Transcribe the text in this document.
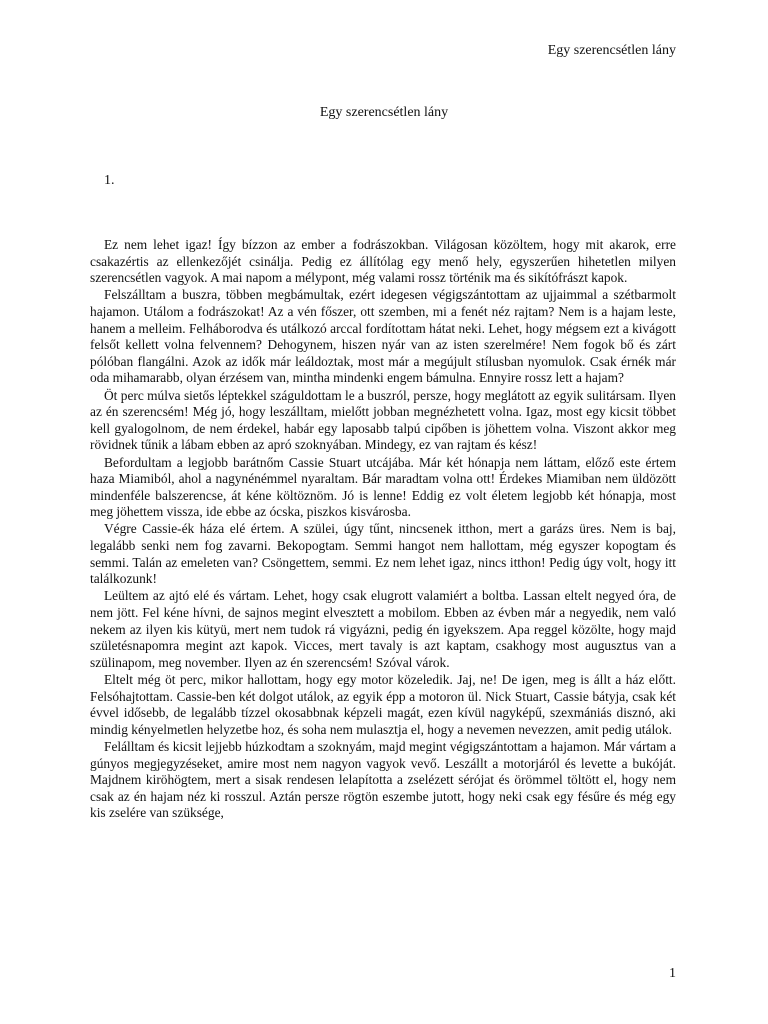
Egy szerencsétlen lány
Egy szerencsétlen lány
1.

Ez nem lehet igaz! Így bízzon az ember a fodrászokban. Világosan közöltem, hogy mit akarok, erre csakazértis az ellenkezőjét csinálja. Pedig ez állítólag egy menő hely, egyszerűen hihetetlen milyen szerencsétlen vagyok. A mai napom a mélypont, még valami rossz történik ma és sikítófrászt kapok.

Felszálltam a buszra, többen megbámultak, ezért idegesen végigszántottam az ujjaimmal a szétbarmolt hajamon. Utálom a fodrászokat! Az a vén főszer, ott szemben, mi a fenét néz rajtam? Nem is a hajam leste, hanem a melleim. Felháborodva és utálkozó arccal fordítottam hátat neki. Lehet, hogy mégsem ezt a kivágott felsőt kellett volna felvennem? Dehogynem, hiszen nyár van az isten szerelmére! Nem fogok bő és zárt pólóban flangálni. Azok az idők már leáldoztak, most már a megújult stílusban nyomulok. Csak érnék már oda mihamarabb, olyan érzésem van, mintha mindenki engem bámulna. Ennyire rossz lett a hajam?

Öt perc múlva sietős léptekkel száguldottam le a buszról, persze, hogy meglátott az egyik sulitársam. Ilyen az én szerencsém! Még jó, hogy leszálltam, mielőtt jobban megnézhetett volna. Igaz, most egy kicsit többet kell gyalogolnom, de nem érdekel, habár egy laposabb talpú cipőben is jöhettem volna. Viszont akkor meg rövidnek tűnik a lábam ebben az apró szoknyában. Mindegy, ez van rajtam és kész!

Befordultam a legjobb barátnőm Cassie Stuart utcájába. Már két hónapja nem láttam, előző este értem haza Miamiból, ahol a nagynénémmel nyaraltam. Bár maradtam volna ott! Érdekes Miamiban nem üldözött mindenféle balszerencse, át kéne költöznöm. Jó is lenne! Eddig ez volt életem legjobb két hónapja, most meg jöhettem vissza, ide ebbe az ócska, piszkos kisvárosba.

Végre Cassie-ék háza elé értem. A szülei, úgy tűnt, nincsenek itthon, mert a garázs üres. Nem is baj, legalább senki nem fog zavarni. Bekopogtam. Semmi hangot nem hallottam, még egyszer kopogtam és semmi. Talán az emeleten van? Csöngettem, semmi. Ez nem lehet igaz, nincs itthon! Pedig úgy volt, hogy itt találkozunk!

Leültem az ajtó elé és vártam. Lehet, hogy csak elugrott valamiért a boltba. Lassan eltelt negyed óra, de nem jött. Fel kéne hívni, de sajnos megint elvesztett a mobilom. Ebben az évben már a negyedik, nem való nekem az ilyen kis kütyü, mert nem tudok rá vigyázni, pedig én igyekszem. Apa reggel közölte, hogy majd születésnapomra megint azt kapok. Vicces, mert tavaly is azt kaptam, csakhogy most augusztus van a szülinapom, meg november. Ilyen az én szerencsém! Szóval várok.

Eltelt még öt perc, mikor hallottam, hogy egy motor közeledik. Jaj, ne! De igen, meg is állt a ház előtt. Felsóhajtottam. Cassie-ben két dolgot utálok, az egyik épp a motoron ül. Nick Stuart, Cassie bátyja, csak két évvel idősebb, de legalább tízzel okosabbnak képzeli magát, ezen kívül nagyképű, szexmániás disznó, aki mindig kényelmetlen helyzetbe hoz, és soha nem mulasztja el, hogy a nevemen nevezzen, amit pedig utálok.

Felálltam és kicsit lejjebb húzkodtam a szoknyám, majd megint végigszántottam a hajamon. Már vártam a gúnyos megjegyzéseket, amire most nem nagyon vagyok vevő. Leszállt a motorjáról és levette a bukóját. Majdnem kiröhögtem, mert a sisak rendesen lelapította a zselézett sérójat és örömmel töltött el, hogy nem csak az én hajam néz ki rosszul. Aztán persze rögtön eszembe jutott, hogy neki csak egy fésűre és még egy kis zselére van szüksége,

1
